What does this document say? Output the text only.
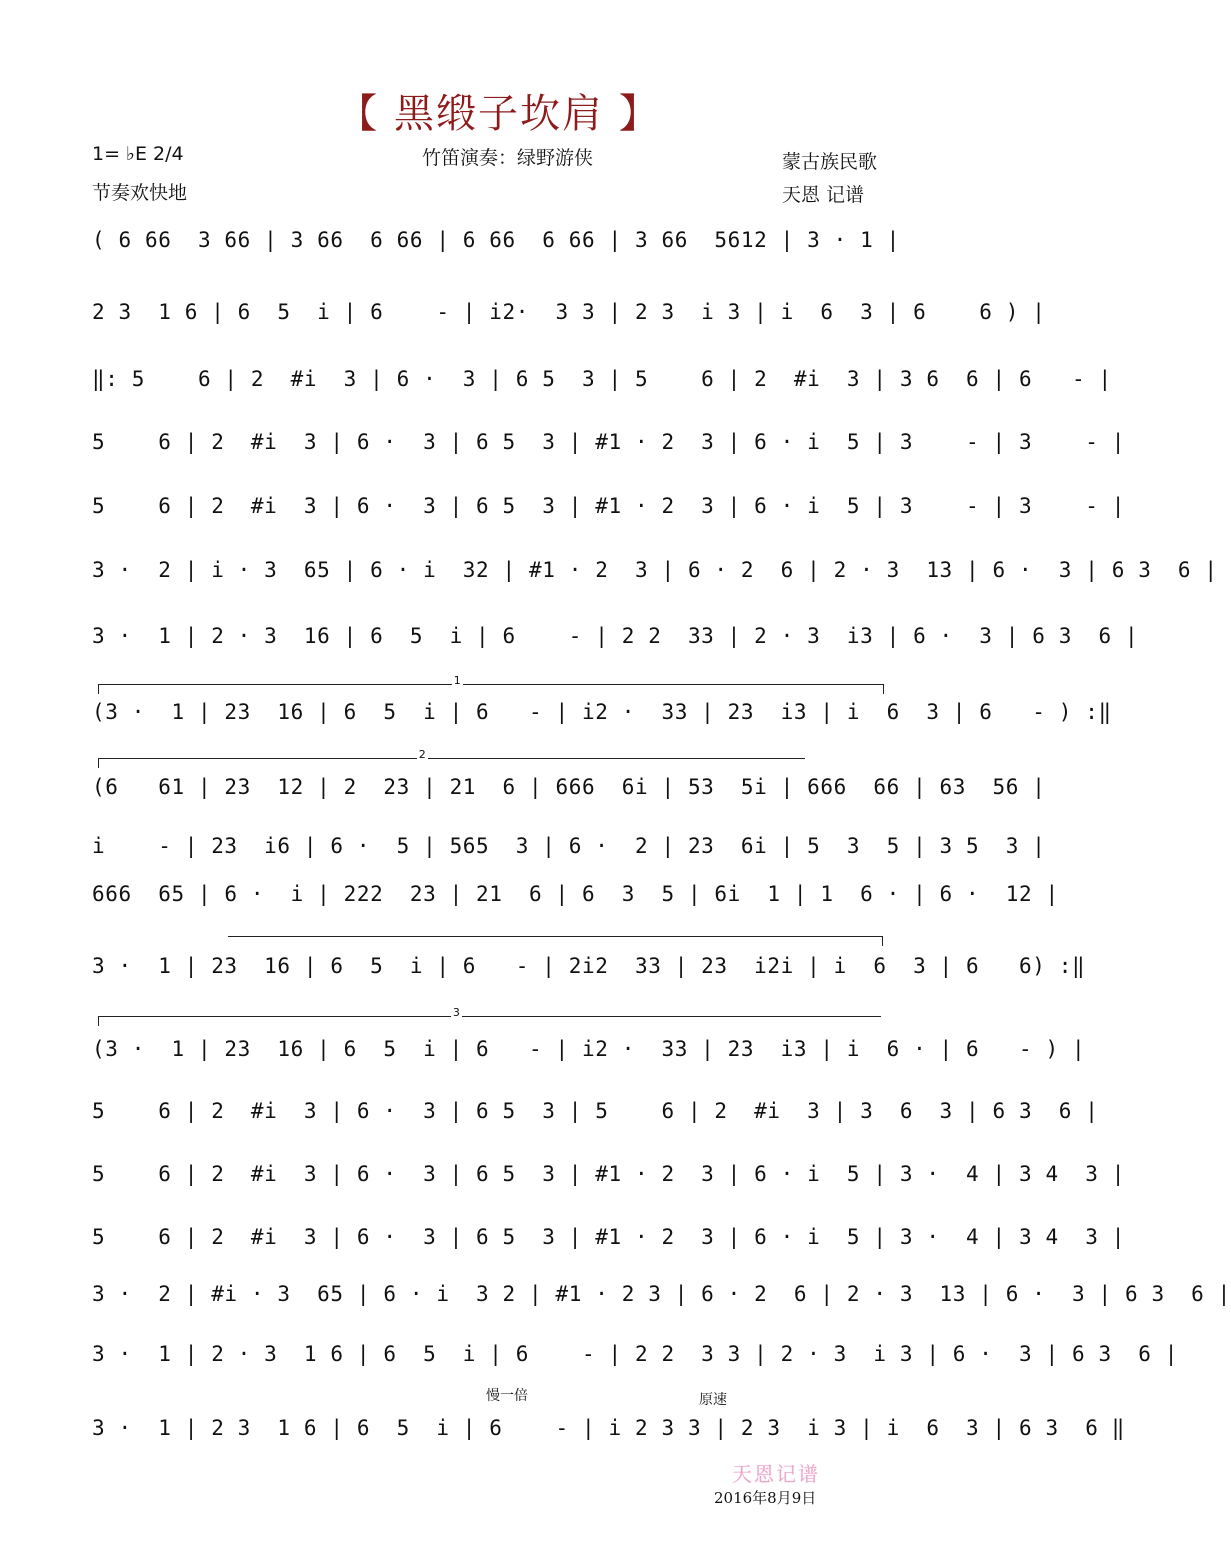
【 黑缎子坎肩 】
1= ♭E 2/4
节奏欢快地
竹笛演奏：绿野游侠	蒙古族民歌
天恩 记谱
( 6 66  3 66 | 3 66  6 66 | 6 66  6 66 | 3 66  5612 | 3 · 1 |
2 3  1 6 | 6  5  i | 6    - | i2·  3 3 | 2 3  i 3 | i  6  3 | 6    6 ) |
‖: 5    6 | 2  #i  3 | 6 ·  3 | 6 5  3 | 5    6 | 2  #i  3 | 3 6  6 | 6   - |
5    6 | 2  #i  3 | 6 ·  3 | 6 5  3 | #1 · 2  3 | 6 · i  5 | 3    - | 3    - |
5    6 | 2  #i  3 | 6 ·  3 | 6 5  3 | #1 · 2  3 | 6 · i  5 | 3    - | 3    - |
3 ·  2 | i · 3  65 | 6 · i  32 | #1 · 2  3 | 6 · 2  6 | 2 · 3  13 | 6 ·  3 | 6 3  6 |
3 ·  1 | 2 · 3  16 | 6  5  i | 6    - | 2 2  33 | 2 · 3  i3 | 6 ·  3 | 6 3  6 |
1
(3 ·  1 | 23  16 | 6  5  i | 6   - | i2 ·  33 | 23  i3 | i  6  3 | 6   - ) :‖
2
(6   61 | 23  12 | 2  23 | 21  6 | 666  6i | 53  5i | 666  66 | 63  56 |
i    - | 23  i6 | 6 ·  5 | 565  3 | 6 ·  2 | 23  6i | 5  3  5 | 3 5  3 |
666  65 | 6 ·  i | 222  23 | 21  6 | 6  3  5 | 6i  1 | 1  6 · | 6 ·  12 |
3 ·  1 | 23  16 | 6  5  i | 6   - | 2i2  33 | 23  i2i | i  6  3 | 6   6) :‖
3
(3 ·  1 | 23  16 | 6  5  i | 6   - | i2 ·  33 | 23  i3 | i  6 · | 6   - ) |
5    6 | 2  #i  3 | 6 ·  3 | 6 5  3 | 5    6 | 2  #i  3 | 3  6  3 | 6 3  6 |
5    6 | 2  #i  3 | 6 ·  3 | 6 5  3 | #1 · 2  3 | 6 · i  5 | 3 ·  4 | 3 4  3 |
5    6 | 2  #i  3 | 6 ·  3 | 6 5  3 | #1 · 2  3 | 6 · i  5 | 3 ·  4 | 3 4  3 |
3 ·  2 | #i · 3  65 | 6 · i  3 2 | #1 · 2 3 | 6 · 2  6 | 2 · 3  13 | 6 ·  3 | 6 3  6 |
3 ·  1 | 2 · 3  1 6 | 6  5  i | 6    - | 2 2  3 3 | 2 · 3  i 3 | 6 ·  3 | 6 3  6 |
慢一倍	原速
3 ·  1 | 2 3  1 6 | 6  5  i | 6    - | i 2 3 3 | 2 3  i 3 | i  6  3 | 6 3  6 ‖
天恩记谱
2016年8月9日
